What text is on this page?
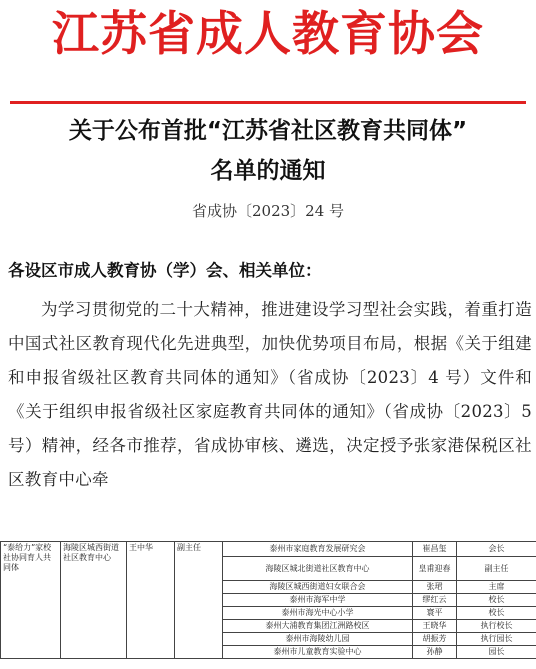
江苏省成人教育协会
关于公布首批“江苏省社区教育共同体”
名单的通知
省成协〔2023〕24 号
各设区市成人教育协（学）会、相关单位：
为学习贯彻党的二十大精神，推进建设学习型社会实践，着重打造中国式社区教育现代化先进典型，加快优势项目布局，根据《关于组建和申报省级社区教育共同体的通知》（省成协〔2023〕4 号）文件和《关于组织申报省级社区家庭教育共同体的通知》（省成协〔2023〕5 号）精神，经各市推荐，省成协审核、遴选，决定授予张家港保税区社区教育中心牵
“泰给力”家校社协同育人共同体	海陵区城西街道社区教育中心	王中华	副主任	泰州市家庭教育发展研究会	崔昌玺	会长
				海陵区城北街道社区教育中心	皇甫迎春	副主任
				海陵区城西街道妇女联合会	张珺	主席
				泰州市海军中学	缪红云	校长
				泰州市海光中心小学	寰平	校长
				泰州大浦教育集团江洲路校区	王晓华	执行校长
				泰州市海陵幼儿园	胡振芳	执行园长
				泰州市儿童教育实验中心	孙静	园长
